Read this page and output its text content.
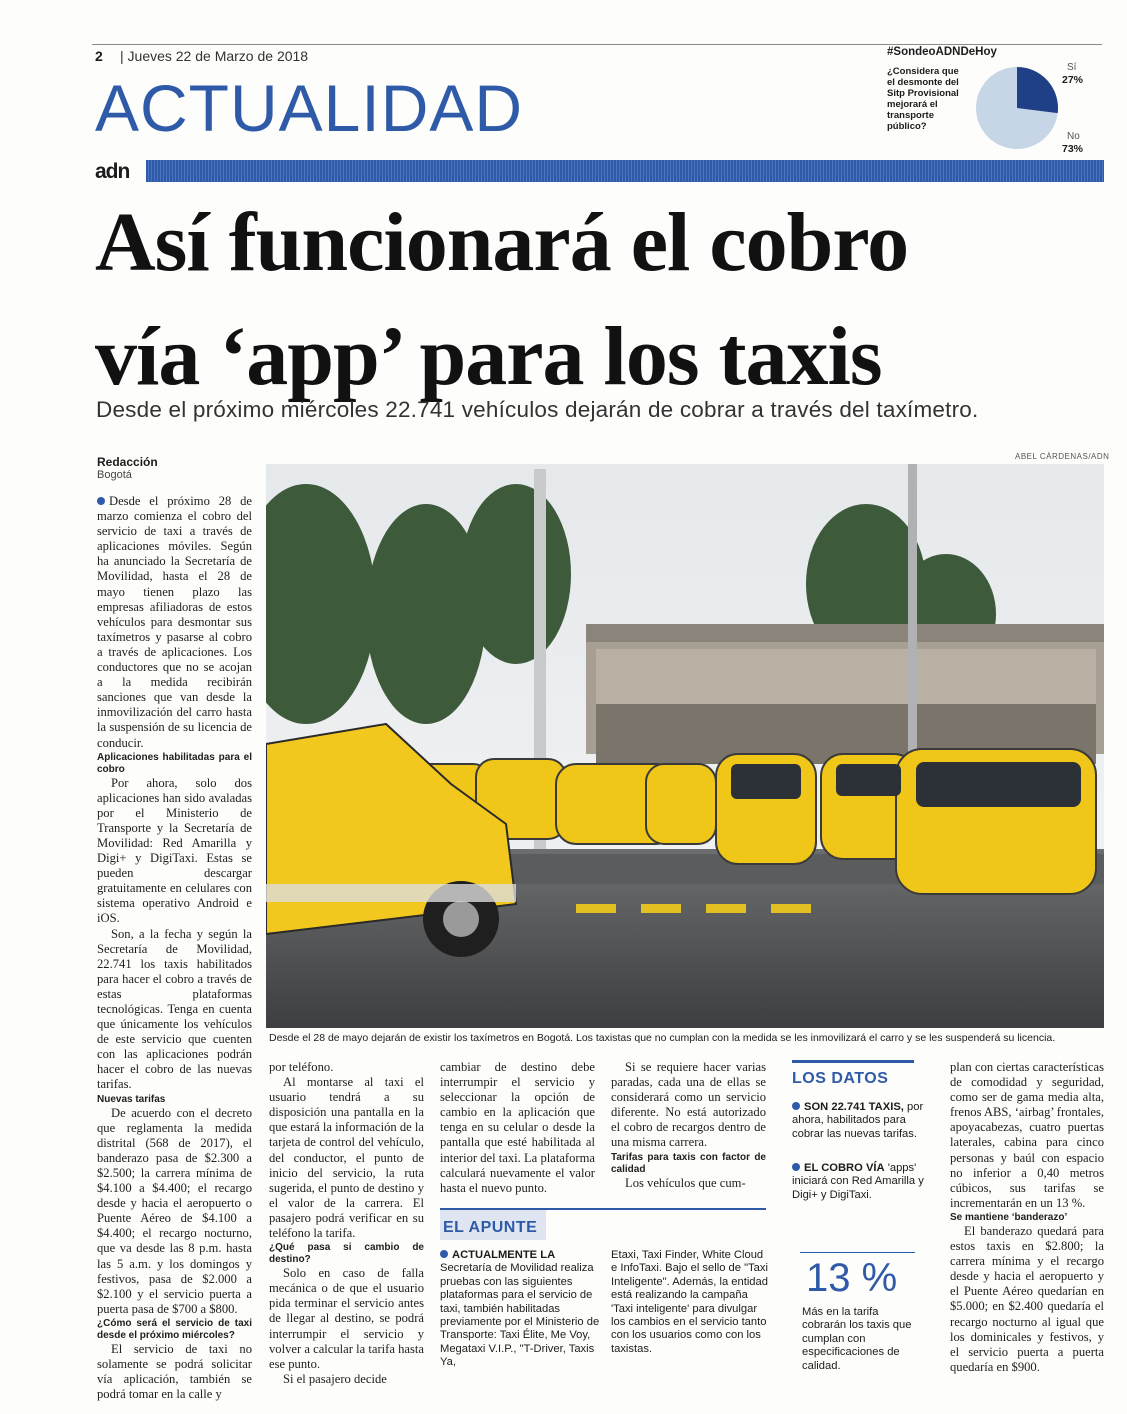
2 | Jueves 22 de Marzo de 2018
ACTUALIDAD
#SondeoADNDeHoy
¿Considera que el desmonte del Sitp Provisional mejorará el transporte público?
Sí
27%
No
73%
adn
Así funcionará el cobro
vía ‘app’ para los taxis
Desde el próximo miércoles 22.741 vehículos dejarán de cobrar a través del taxímetro.
Redacción
Bogotá
ABEL CÁRDENAS/ADN

Desde el próximo 28 de marzo comienza el cobro del servicio de taxi a través de aplicaciones móviles. Según ha anunciado la Secretaría de Movilidad, hasta el 28 de mayo tienen plazo las empresas afiliadoras de estos vehículos para desmontar sus taxímetros y pasarse al cobro a través de aplicaciones. Los conductores que no se acojan a la medida recibirán sanciones que van desde la inmovilización del carro hasta la suspensión de su licencia de conducir.

Aplicaciones habilitadas para el cobro

Por ahora, solo dos aplicaciones han sido avaladas por el Ministerio de Transporte y la Secretaría de Movilidad: Red Amarilla y Digi+ y DigiTaxi. Estas se pueden descargar gratuitamente en celulares con sistema operativo Android e iOS.

Son, a la fecha y según la Secretaría de Movilidad, 22.741 los taxis habilitados para hacer el cobro a través de estas plataformas tecnológicas. Tenga en cuenta que únicamente los vehículos de este servicio que cuenten con las aplicaciones podrán hacer el cobro de las nuevas tarifas.

Nuevas tarifas

De acuerdo con el decreto que reglamenta la medida distrital (568 de 2017), el banderazo pasa de $2.300 a $2.500; la carrera mínima de $4.100 a $4.400; el recargo desde y hacia el aeropuerto o Puente Aéreo de $4.100 a $4.400; el recargo nocturno, que va desde las 8 p.m. hasta las 5 a.m. y los domingos y festivos, pasa de $2.000 a $2.100 y el servicio puerta a puerta pasa de $700 a $800.

¿Cómo será el servicio de taxi desde el próximo miércoles?

El servicio de taxi no solamente se podrá solicitar vía aplicación, también se podrá tomar en la calle y

Desde el 28 de mayo dejarán de existir los taxímetros en Bogotá. Los taxistas que no cumplan con la medida se les inmovilizará el carro y se les suspenderá su licencia.

por teléfono.

Al montarse al taxi el usuario tendrá a su disposición una pantalla en la que estará la información de la tarjeta de control del vehículo, del conductor, el punto de inicio del servicio, la ruta sugerida, el punto de destino y el valor de la carrera. El pasajero podrá verificar en su teléfono la tarifa.

¿Qué pasa si cambio de destino?

Solo en caso de falla mecánica o de que el usuario pida terminar el servicio antes de llegar al destino, se podrá interrumpir el servicio y volver a calcular la tarifa hasta ese punto.

Si el pasajero decide

cambiar de destino debe interrumpir el servicio y seleccionar la opción de cambio en la aplicación que tenga en su celular o desde la pantalla que esté habilitada al interior del taxi. La plataforma calculará nuevamente el valor hasta el nuevo punto.

Si se requiere hacer varias paradas, cada una de ellas se considerará como un servicio diferente. No está autorizado el cobro de recargos dentro de una misma carrera.

Tarifas para taxis con factor de calidad

Los vehículos que cum-

EL APUNTE
ACTUALMENTE LA Secretaría de Movilidad realiza pruebas con las siguientes plataformas para el servicio de taxi, también habilitadas previamente por el Ministerio de Transporte: Taxi Élite, Me Voy, Megataxi V.I.P., "T-Driver, Taxis Ya,
Etaxi, Taxi Finder, White Cloud e InfoTaxi. Bajo el sello de "Taxi Inteligente". Además, la entidad está realizando la campaña 'Taxi inteligente' para divulgar los cambios en el servicio tanto con los usuarios como con los taxistas.
LOS DATOS
SON 22.741 TAXIS, por ahora, habilitados para cobrar las nuevas tarifas.
EL COBRO VÍA 'apps' iniciará con Red Amarilla y Digi+ y DigiTaxi.
13 %
Más en la tarifa cobrarán los taxis que cumplan con especificaciones de calidad.

plan con ciertas características de comodidad y seguridad, como ser de gama media alta, frenos ABS, ‘airbag’ frontales, apoyacabezas, cuatro puertas laterales, cabina para cinco personas y baúl con espacio no inferior a 0,40 metros cúbicos, sus tarifas se incrementarán en un 13 %.

Se mantiene ‘banderazo’

El banderazo quedará para estos taxis en $2.800; la carrera mínima y el recargo desde y hacia el aeropuerto y el Puente Aéreo quedarían en $5.000; en $2.400 quedaría el recargo nocturno al igual que los dominicales y festivos, y el servicio puerta a puerta quedaría en $900.
